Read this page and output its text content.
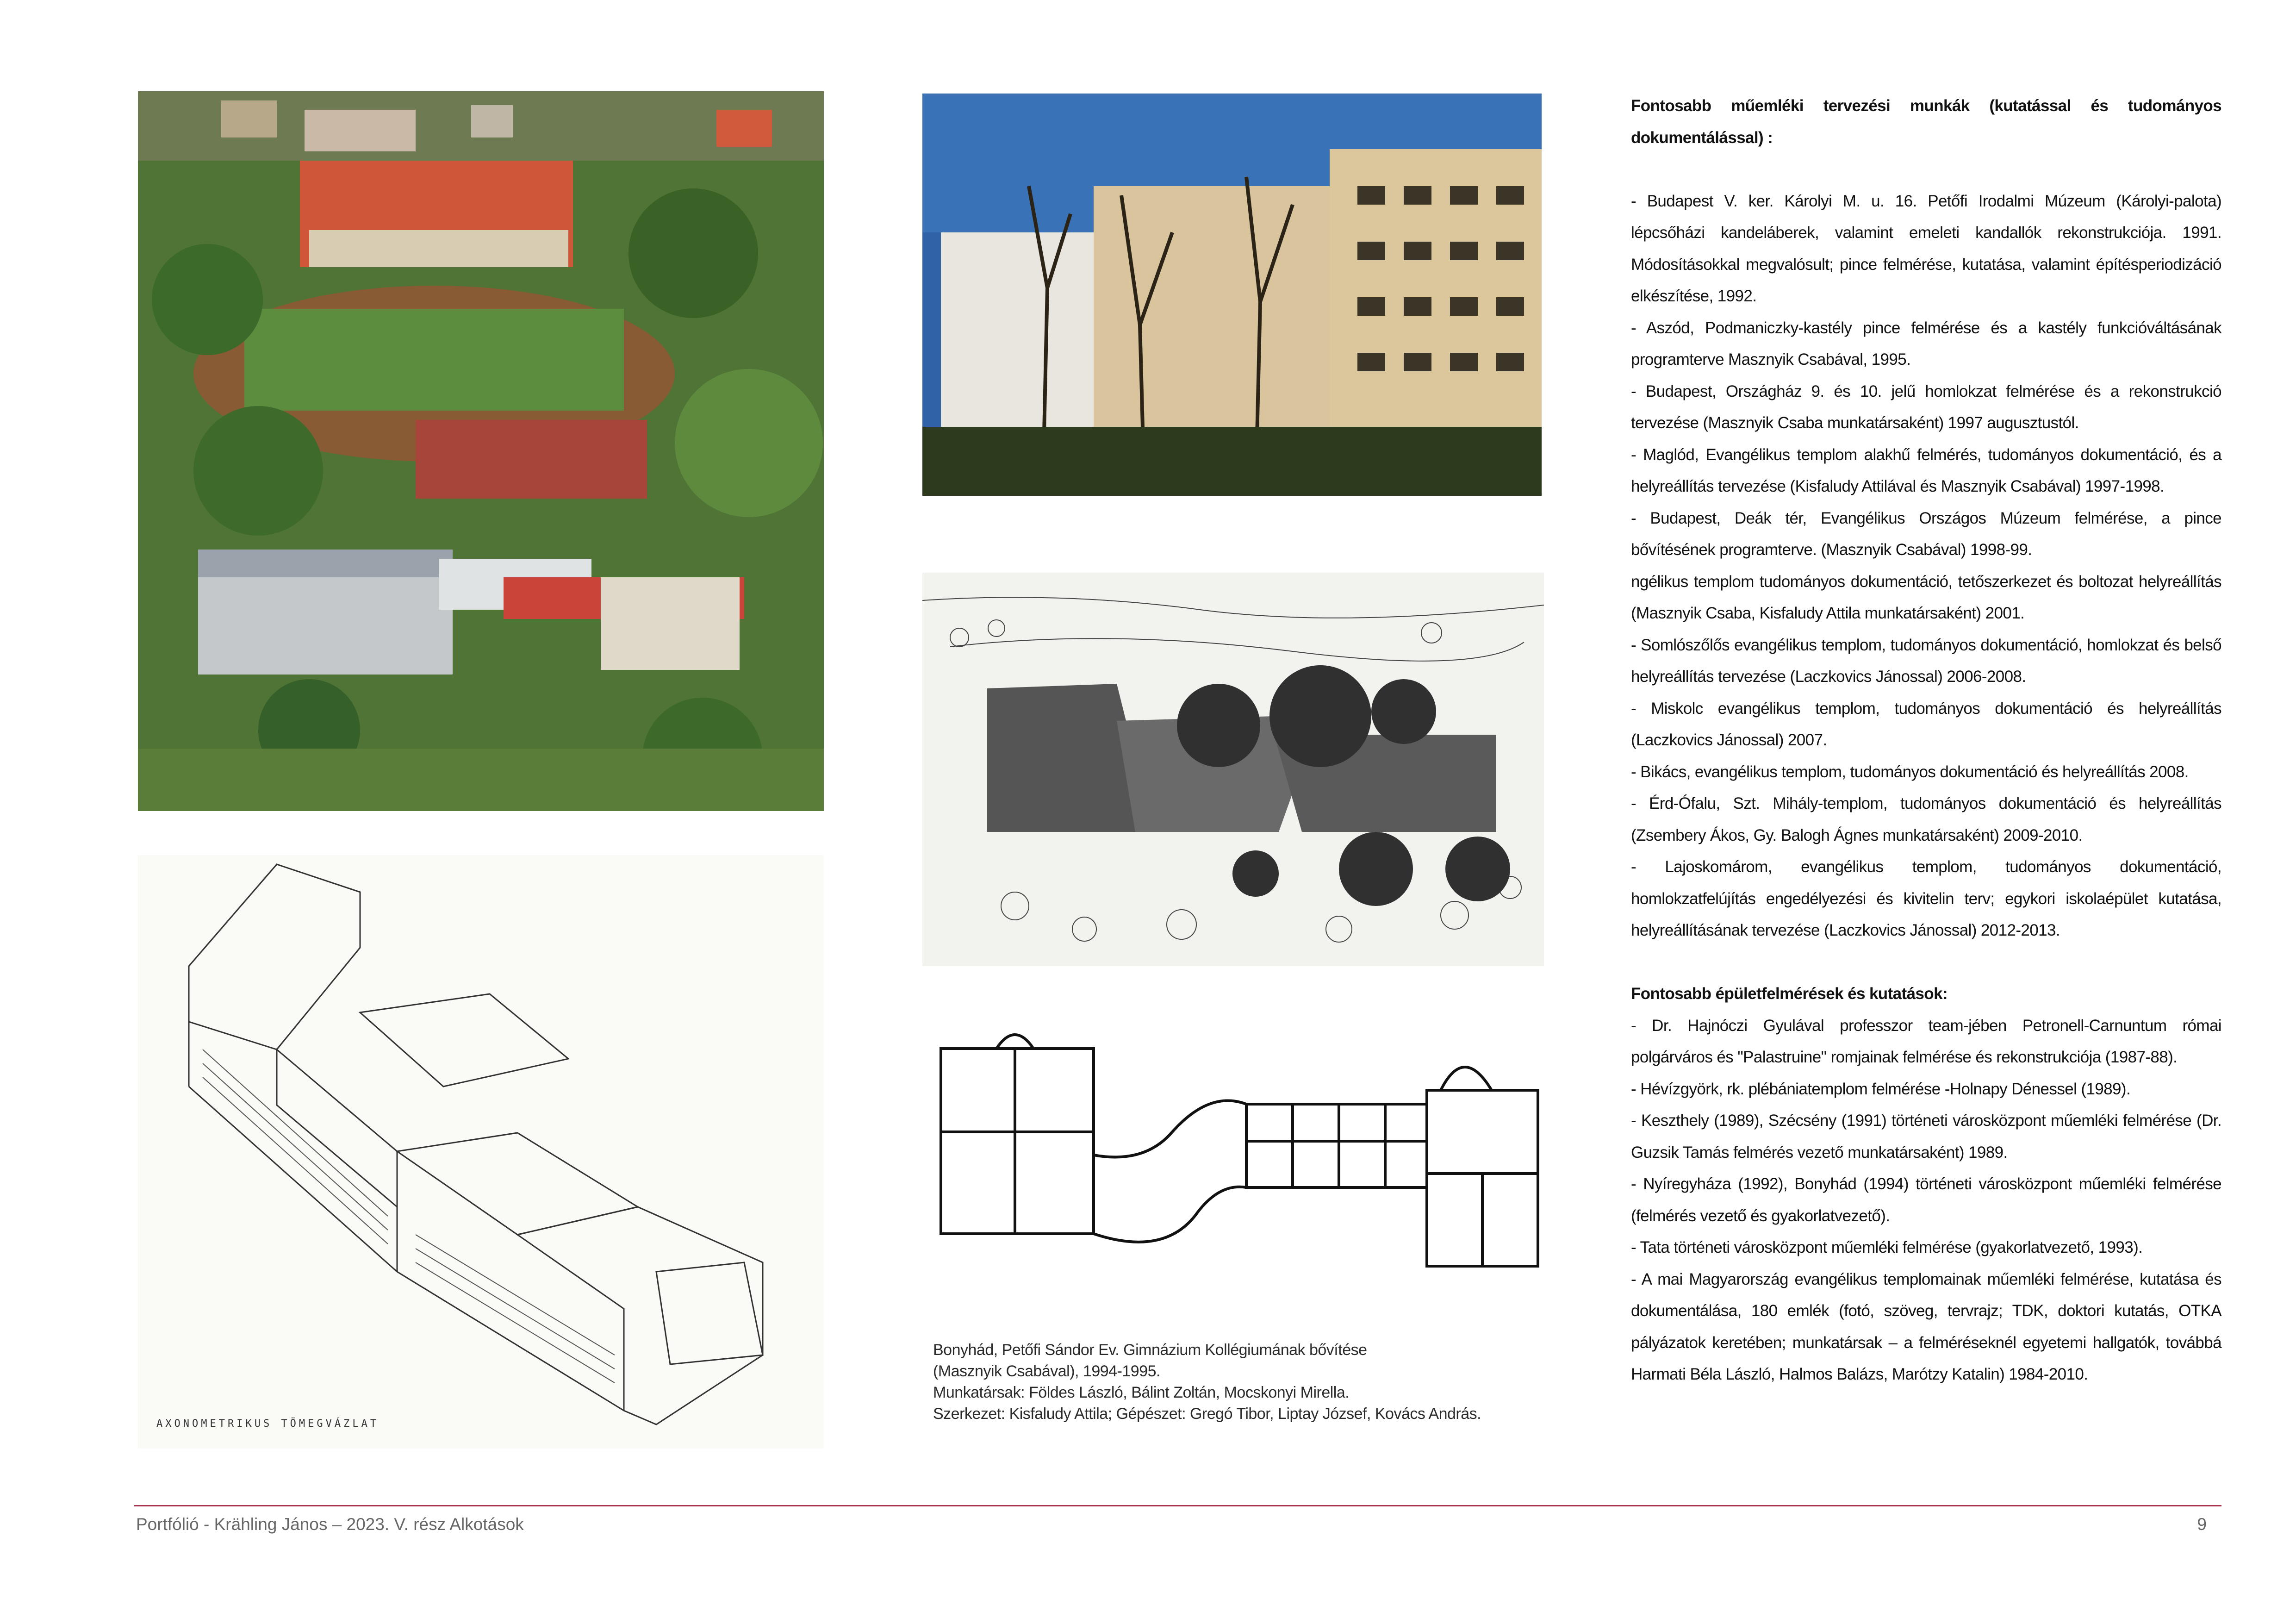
AXONOMETRIKUS TÖMEGVÁZLAT
Bonyhád, Petőfi Sándor Ev. Gimnázium Kollégiumának bővítése
(Masznyik Csabával), 1994-1995.
Munkatársak: Földes László, Bálint Zoltán, Mocskonyi Mirella.
Szerkezet: Kisfaludy Attila; Gépészet: Gregó Tibor, Liptay József, Kovács András.

Fontosabb műemléki tervezési munkák (kutatással és tudományos dokumentálással) :

- Budapest V. ker. Károlyi M. u. 16. Petőfi Irodalmi Múzeum (Károlyi-palota) lépcsőházi kandeláberek, valamint emeleti kandallók rekonstrukciója. 1991. Módosításokkal megvalósult; pince felmérése, kutatása, valamint építésperiodizáció elkészítése, 1992.

- Aszód, Podmaniczky-kastély pince felmérése és a kastély funkcióváltásának programterve Masznyik Csabával, 1995.

- Budapest, Országház 9. és 10. jelű homlokzat felmérése és a rekonstrukció tervezése (Masznyik Csaba munkatársaként) 1997 augusztustól.

- Maglód, Evangélikus templom alakhű felmérés, tudományos dokumentáció, és a helyreállítás tervezése (Kisfaludy Attilával és Masznyik Csabával) 1997-1998.

- Budapest, Deák tér, Evangélikus Országos Múzeum felmérése, a pince bővítésének programterve. (Masznyik Csabával) 1998-99.

ngélikus templom tudományos dokumentáció, tetőszerkezet és boltozat helyreállítás (Masznyik Csaba, Kisfaludy Attila munkatársaként) 2001.

- Somlószőlős evangélikus templom, tudományos dokumentáció, homlokzat és belső helyreállítás tervezése (Laczkovics Jánossal) 2006-2008.

- Miskolc evangélikus templom, tudományos dokumentáció és helyreállítás (Laczkovics Jánossal) 2007.

- Bikács, evangélikus templom, tudományos dokumentáció és helyreállítás 2008.

- Érd-Ófalu, Szt. Mihály-templom, tudományos dokumentáció és helyreállítás (Zsembery Ákos, Gy. Balogh Ágnes munkatársaként) 2009-2010.

- Lajoskomárom, evangélikus templom, tudományos dokumentáció, homlokzatfelújítás engedélyezési és kivitelin terv; egykori iskolaépület kutatása, helyreállításának tervezése (Laczkovics Jánossal) 2012-2013.

Fontosabb épületfelmérések és kutatások:

- Dr. Hajnóczi Gyulával professzor team-jében Petronell-Carnuntum római polgárváros és "Palastruine" romjainak felmérése és rekonstrukciója (1987-88).

- Hévízgyörk, rk. plébániatemplom felmérése -Holnapy Dénessel (1989).

- Keszthely (1989), Szécsény (1991) történeti városközpont műemléki felmérése (Dr. Guzsik Tamás felmérés vezető munkatársaként) 1989.

- Nyíregyháza (1992), Bonyhád (1994) történeti városközpont műemléki felmérése (felmérés vezető és gyakorlatvezető).

- Tata történeti városközpont műemléki felmérése (gyakorlatvezető, 1993).

- A mai Magyarország evangélikus templomainak műemléki felmérése, kutatása és dokumentálása, 180 emlék (fotó, szöveg, tervrajz; TDK, doktori kutatás, OTKA pályázatok keretében; munkatársak – a felméréseknél egyetemi hallgatók, továbbá Harmati Béla László, Halmos Balázs, Marótzy Katalin) 1984-2010.

Portfólió - Krähling János – 2023. V. rész Alkotások	9
